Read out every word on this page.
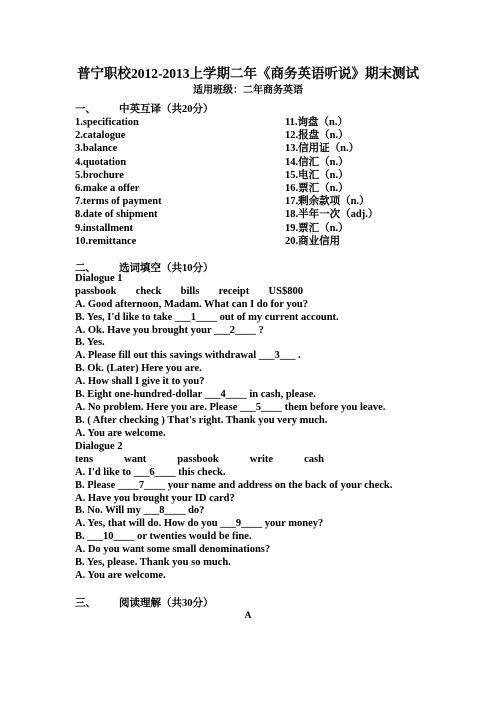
普宁职校2012-2013上学期二年《商务英语听说》期末测试
适用班级：二年商务英语
一、 中英互译（共20分）
1.specification	11.询盘（n.）
2.catalogue	12.报盘（n.）
3.balance	13.信用证（n.）
4.quotation	14.信汇（n.）
5.brochure	15.电汇（n.）
6.make a offer	16.票汇（n.）
7.terms of payment	17.剩余款项（n.）
8.date of shipment	18.半年一次（adj.）
9.installment	19.票汇（n.）
10.remittance	20.商业信用
二、 选词填空（共10分）
Dialogue 1
passbook check bills receipt US$800
A. Good afternoon, Madam. What can I do for you?
B. Yes, I'd like to take ___1____ out of my current account.
A. Ok. Have you brought your ___2____ ?
B. Yes.
A. Please fill out this savings withdrawal ___3___ .
B. Ok. (Later) Here you are.
A. How shall I give it to you?
B. Eight one-hundred-dollar ___4____ in cash, please.
A. No problem. Here you are. Please ___5____ them before you leave.
B. ( After checking ) That's right. Thank you very much.
A. You are welcome.
Dialogue 2
tens	want	passbook	write	cash
A. I'd like to ___6____ this check.
B. Please ____7____ your name and address on the back of your check.
A. Have you brought your ID card?
B. No. Will my ___8____ do?
A. Yes, that will do. How do you ___9____ your money?
B. ___10____ or twenties would be fine.
A. Do you want some small denominations?
B. Yes, please. Thank you so much.
A. You are welcome.
三、 阅读理解（共30分）
A
